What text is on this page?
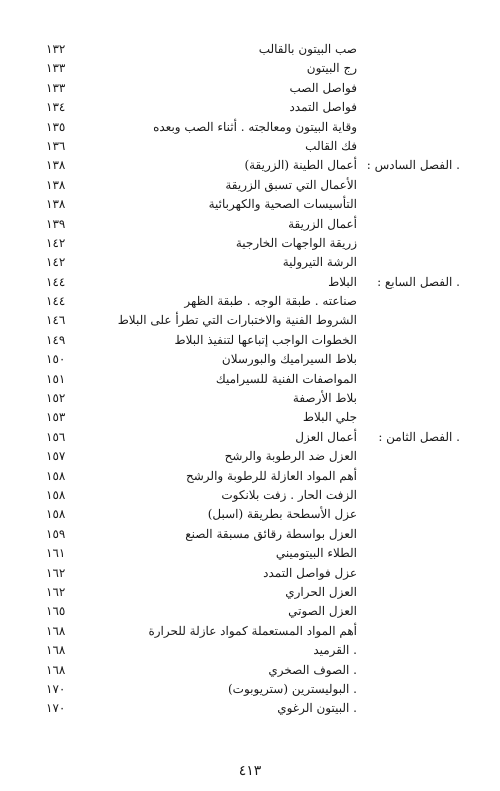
صب البيتون بالقالب
١٣٢
رج البيتون
١٣٣
فواصل الصب
١٣٣
فواصل التمدد
١٣٤
وقاية البيتون ومعالجته . أثناء الصب وبعده
١٣٥
فك القالب
١٣٦
. الفصل السادس :
أعمال الطينة (الزريقة)
١٣٨
الأعمال التي تسبق الزريقة
١٣٨
التأسيسات الصحية والكهربائية
١٣٨
أعمال الزريقة
١٣٩
زريقة الواجهات الخارجية
١٤٢
الرشة التيرولية
١٤٢
. الفصل السابع :
البلاط
١٤٤
صناعته . طبقة الوجه . طبقة الظهر
١٤٤
الشروط الفنية والاختبارات التي تطرأ على البلاط
١٤٦
الخطوات الواجب إتباعها لتنفيذ البلاط
١٤٩
بلاط السيراميك والبورسلان
١٥٠
المواصفات الفنية للسيراميك
١٥١
بلاط الأرصفة
١٥٢
جلي البلاط
١٥٣
. الفصل الثامن :
أعمال العزل
١٥٦
العزل ضد الرطوبة والرشح
١٥٧
أهم المواد العازلة للرطوبة والرشح
١٥٨
الزفت الحار . زفت بلانكوت
١٥٨
عزل الأسطحة بطريقة (اسبل)
١٥٨
العزل بواسطة رقائق مسبقة الصنع
١٥٩
الطلاء البيتوميني
١٦١
عزل فواصل التمدد
١٦٢
العزل الحراري
١٦٢
العزل الصوتي
١٦٥
أهم المواد المستعملة كمواد عازلة للحرارة
١٦٨
. القرميد
١٦٨
. الصوف الصخري
١٦٨
. البوليسترين (ستريوبوت)
١٧٠
. البيتون الرغوي
١٧٠
٤١٣
